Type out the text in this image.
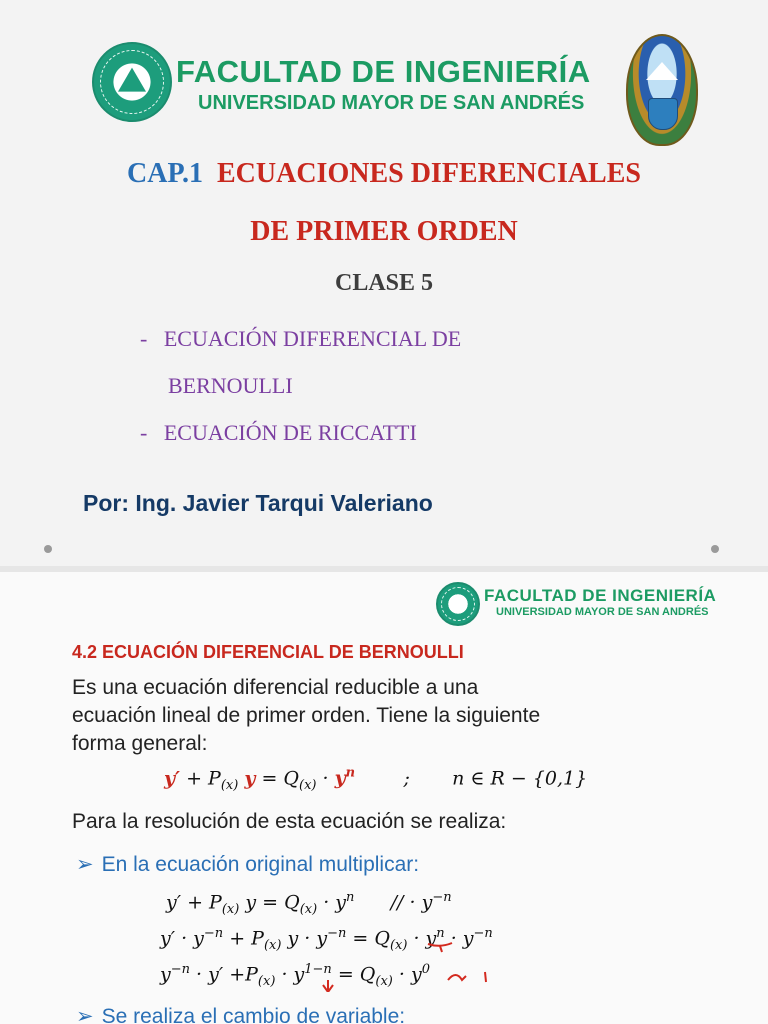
FACULTAD DE INGENIERÍA
UNIVERSIDAD MAYOR DE SAN ANDRÉS
CAP.1 ECUACIONES DIFERENCIALES
DE PRIMER ORDEN
CLASE 5
- ECUACIÓN DIFERENCIAL DE
BERNOULLI
- ECUACIÓN DE RICCATTI
Por: Ing. Javier Tarqui Valeriano
FACULTAD DE INGENIERÍA
UNIVERSIDAD MAYOR DE SAN ANDRÉS
4.2 ECUACIÓN DIFERENCIAL DE BERNOULLI
Es una ecuación diferencial reducible a una
ecuación lineal de primer orden. Tiene la siguiente
forma general:
$y' + P_{(x)}$ $y = Q_{(x)} \cdot y^n$        ;       n ∈ R − {0,1}
Para la resolución de esta ecuación se realiza:
➢ En la ecuación original multiplicar:
$y' + P_{(x)}$ $y = Q_{(x)} \cdot y^n$      // · $y^{-n}$
$y' \cdot y^{-n} + P_{(x)}$ $y \cdot y^{-n} = Q_{(x)} \cdot y^n \cdot y^{-n}$
$y^{-n} \cdot y' +P_{(x)} \cdot y^{1-n} = Q_{(x)} \cdot y^0$
➢ Se realiza el cambio de variable:
